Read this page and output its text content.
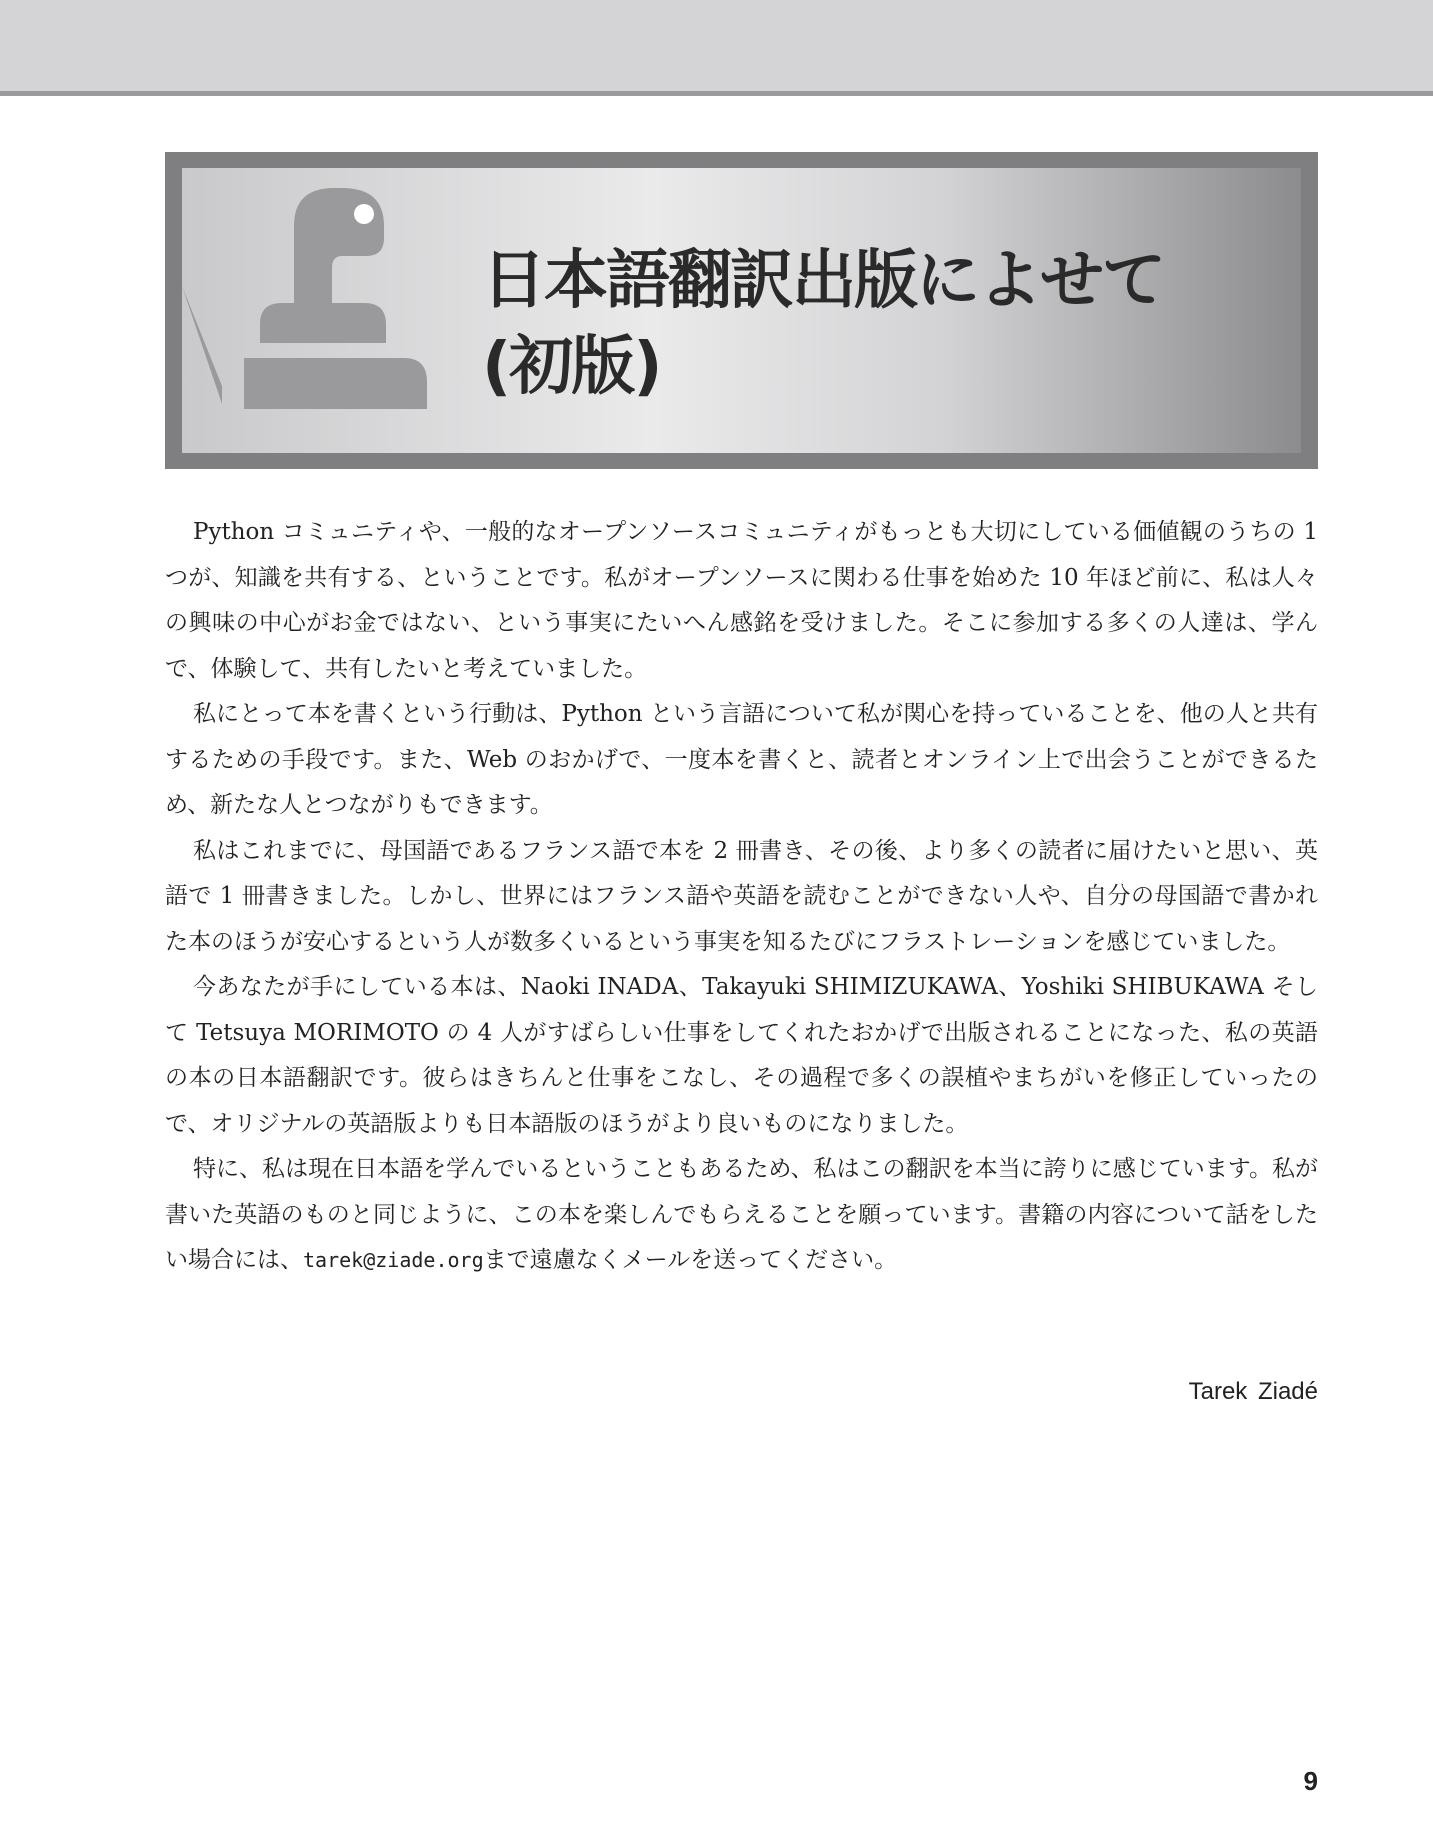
日本語翻訳出版によせて
(初版)

Python コミュニティや、一般的なオープンソースコミュニティがもっとも大切にしている価値観のうちの 1 つが、知識を共有する、ということです。私がオープンソースに関わる仕事を始めた 10 年ほど前に、私は人々の興味の中心がお金ではない、という事実にたいへん感銘を受けました。そこに参加する多くの人達は、学んで、体験して、共有したいと考えていました。

私にとって本を書くという行動は、Python という言語について私が関心を持っていることを、他の人と共有するための手段です。また、Web のおかげで、一度本を書くと、読者とオンライン上で出会うことができるため、新たな人とつながりもできます。

私はこれまでに、母国語であるフランス語で本を 2 冊書き、その後、より多くの読者に届けたいと思い、英語で 1 冊書きました。しかし、世界にはフランス語や英語を読むことができない人や、自分の母国語で書かれた本のほうが安心するという人が数多くいるという事実を知るたびにフラストレーションを感じていました。

今あなたが手にしている本は、Naoki INADA、Takayuki SHIMIZUKAWA、Yoshiki SHIBUKAWA そして Tetsuya MORIMOTO の 4 人がすばらしい仕事をしてくれたおかげで出版されることになった、私の英語の本の日本語翻訳です。彼らはきちんと仕事をこなし、その過程で多くの誤植やまちがいを修正していったので、オリジナルの英語版よりも日本語版のほうがより良いものになりました。

特に、私は現在日本語を学んでいるということもあるため、私はこの翻訳を本当に誇りに感じています。私が書いた英語のものと同じように、この本を楽しんでもらえることを願っています。書籍の内容について話をしたい場合には、tarek@ziade.orgまで遠慮なくメールを送ってください。

Tarek Ziadé
9
